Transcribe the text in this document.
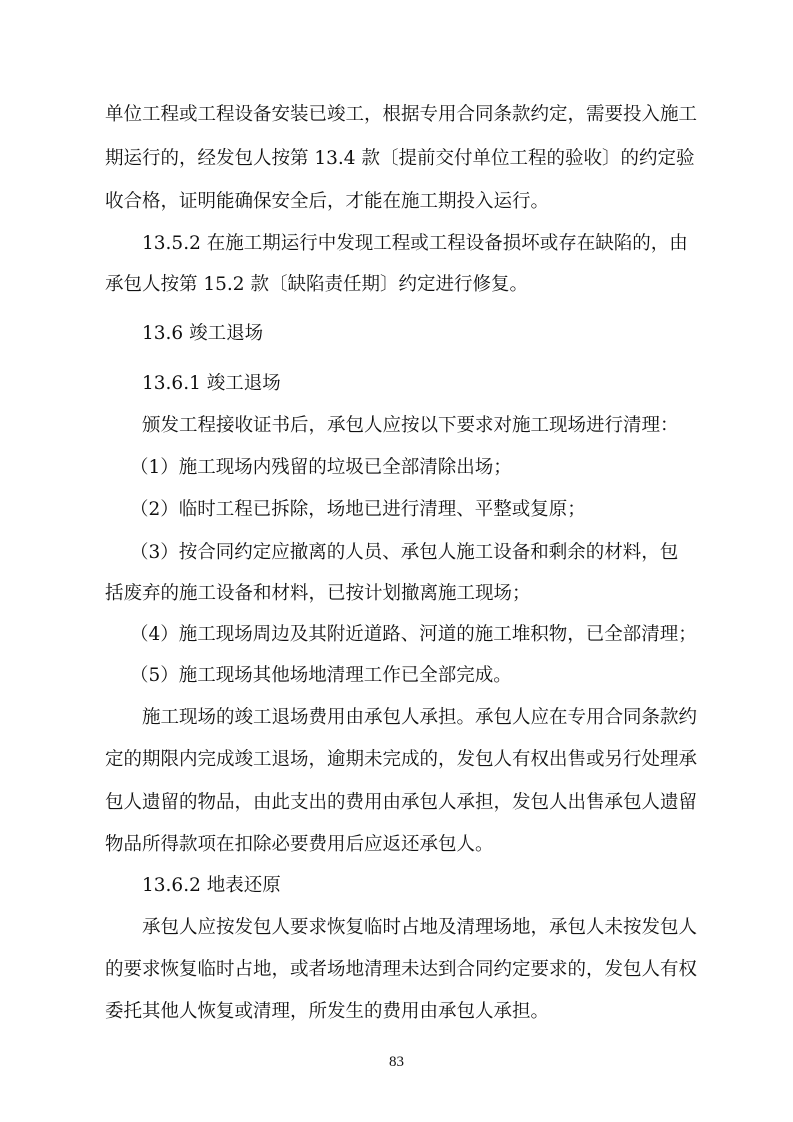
单位工程或工程设备安装已竣工，根据专用合同条款约定，需要投入施工
期运行的，经发包人按第 13.4 款〔提前交付单位工程的验收〕的约定验
收合格，证明能确保安全后，才能在施工期投入运行。
13.5.2 在施工期运行中发现工程或工程设备损坏或存在缺陷的，由
承包人按第 15.2 款〔缺陷责任期〕约定进行修复。
13.6 竣工退场
13.6.1 竣工退场
颁发工程接收证书后，承包人应按以下要求对施工现场进行清理：
（1）施工现场内残留的垃圾已全部清除出场；
（2）临时工程已拆除，场地已进行清理、平整或复原；
（3）按合同约定应撤离的人员、承包人施工设备和剩余的材料，包
括废弃的施工设备和材料，已按计划撤离施工现场；
（4）施工现场周边及其附近道路、河道的施工堆积物，已全部清理；
（5）施工现场其他场地清理工作已全部完成。
施工现场的竣工退场费用由承包人承担。承包人应在专用合同条款约
定的期限内完成竣工退场，逾期未完成的，发包人有权出售或另行处理承
包人遗留的物品，由此支出的费用由承包人承担，发包人出售承包人遗留
物品所得款项在扣除必要费用后应返还承包人。
13.6.2 地表还原
承包人应按发包人要求恢复临时占地及清理场地，承包人未按发包人
的要求恢复临时占地，或者场地清理未达到合同约定要求的，发包人有权
委托其他人恢复或清理，所发生的费用由承包人承担。
83
